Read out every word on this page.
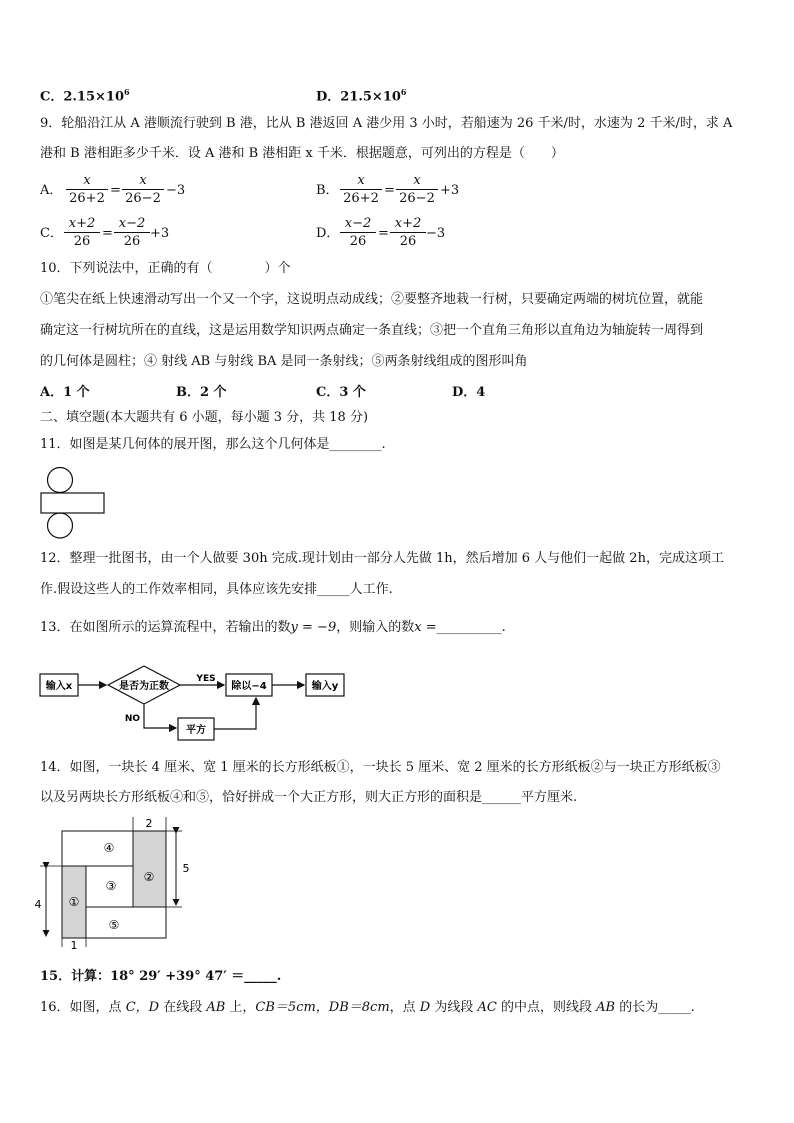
C．$2.15\times 10^6$	D．$21.5\times 10^6$
9．轮船沿江从 A 港顺流行驶到 B 港，比从 B 港返回 A 港少用 3 小时，若船速为 26 千米/时，水速为 2 千米/时，求 A
港和 B 港相距多少千米．设 A 港和 B 港相距 x 千米．根据题意，可列出的方程是（　　）
A． $\frac{x}{26+2} = \frac{x}{26-2} -3$	B． $\frac{x}{26+2} = \frac{x}{26-2} +3$
C． $\frac{x+2}{26} = \frac{x-2}{26} +3$	D． $\frac{x-2}{26} = \frac{x+2}{26} -3$
10．下列说法中，正确的有（　　　　）个
①笔尖在纸上快速滑动写出一个又一个字，这说明点动成线；②要整齐地栽一行树，只要确定两端的树坑位置，就能
确定这一行树坑所在的直线，这是运用数学知识两点确定一条直线；③把一个直角三角形以直角边为轴旋转一周得到
的几何体是圆柱；④ 射线 AB 与射线 BA 是同一条射线；⑤两条射线组成的图形叫角
A．1 个	B．2 个	C．3 个	D．4
二、填空题(本大题共有 6 小题，每小题 3 分，共 18 分)
11．如图是某几何体的展开图，那么这个几何体是________.
12．整理一批图书，由一个人做要 30h 完成.现计划由一部分人先做 1h，然后增加 6 人与他们一起做 2h，完成这项工
作.假设这些人的工作效率相同，具体应该先安排_____人工作.
13．在如图所示的运算流程中，若输出的数y = −9，则输入的数x =__________.
输入x	是否为正数
YES
除以−4	输入y
NO
平方
14．如图，一块长 4 厘米、宽 1 厘米的长方形纸板①，一块长 5 厘米、宽 2 厘米的长方形纸板②与一块正方形纸板③
以及另两块长方形纸板④和⑤，恰好拼成一个大正方形，则大正方形的面积是______平方厘米.
④
③
②
①
⑤
4
1
2
5
15．计算：18° 29′ +39° 47′ ＝_____.
16．如图，点 C，D 在线段 AB 上，CB＝5cm，DB＝8cm，点 D 为线段 AC 的中点，则线段 AB 的长为_____.
